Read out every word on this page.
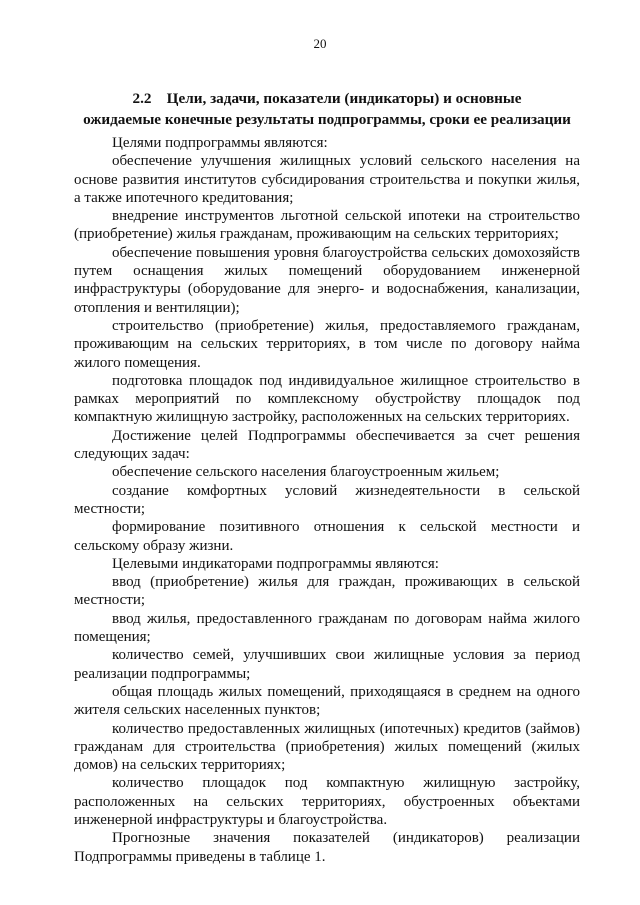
20
2.2 Цели, задачи, показатели (индикаторы) и основные
ожидаемые конечные результаты подпрограммы, сроки ее реализации

Целями подпрограммы являются:

обеспечение улучшения жилищных условий сельского населения на основе развития институтов субсидирования строительства и покупки жилья, а также ипотечного кредитования;

внедрение инструментов льготной сельской ипотеки на строительство (приобретение) жилья гражданам, проживающим на сельских территориях;

обеспечение повышения уровня благоустройства сельских домохозяйств путем оснащения жилых помещений оборудованием инженерной инфраструктуры (оборудование для энерго- и водоснабжения, канализации, отопления и вентиляции);

строительство (приобретение) жилья, предоставляемого гражданам, проживающим на сельских территориях, в том числе по договору найма жилого помещения.

подготовка площадок под индивидуальное жилищное строительство в рамках мероприятий по комплексному обустройству площадок под компактную жилищную застройку, расположенных на сельских территориях.

Достижение целей Подпрограммы обеспечивается за счет решения следующих задач:

обеспечение сельского населения благоустроенным жильем;

создание комфортных условий жизнедеятельности в сельской местности;

формирование позитивного отношения к сельской местности и сельскому образу жизни.

Целевыми индикаторами подпрограммы являются:

ввод (приобретение) жилья для граждан, проживающих в сельской местности;

ввод жилья, предоставленного гражданам по договорам найма жилого помещения;

количество семей, улучшивших свои жилищные условия за период реализации подпрограммы;

общая площадь жилых помещений, приходящаяся в среднем на одного жителя сельских населенных пунктов;

количество предоставленных жилищных (ипотечных) кредитов (займов) гражданам для строительства (приобретения) жилых помещений (жилых домов) на сельских территориях;

количество площадок под компактную жилищную застройку, расположенных на сельских территориях, обустроенных объектами инженерной инфраструктуры и благоустройства.

Прогнозные значения показателей (индикаторов) реализации Подпрограммы приведены в таблице 1.
